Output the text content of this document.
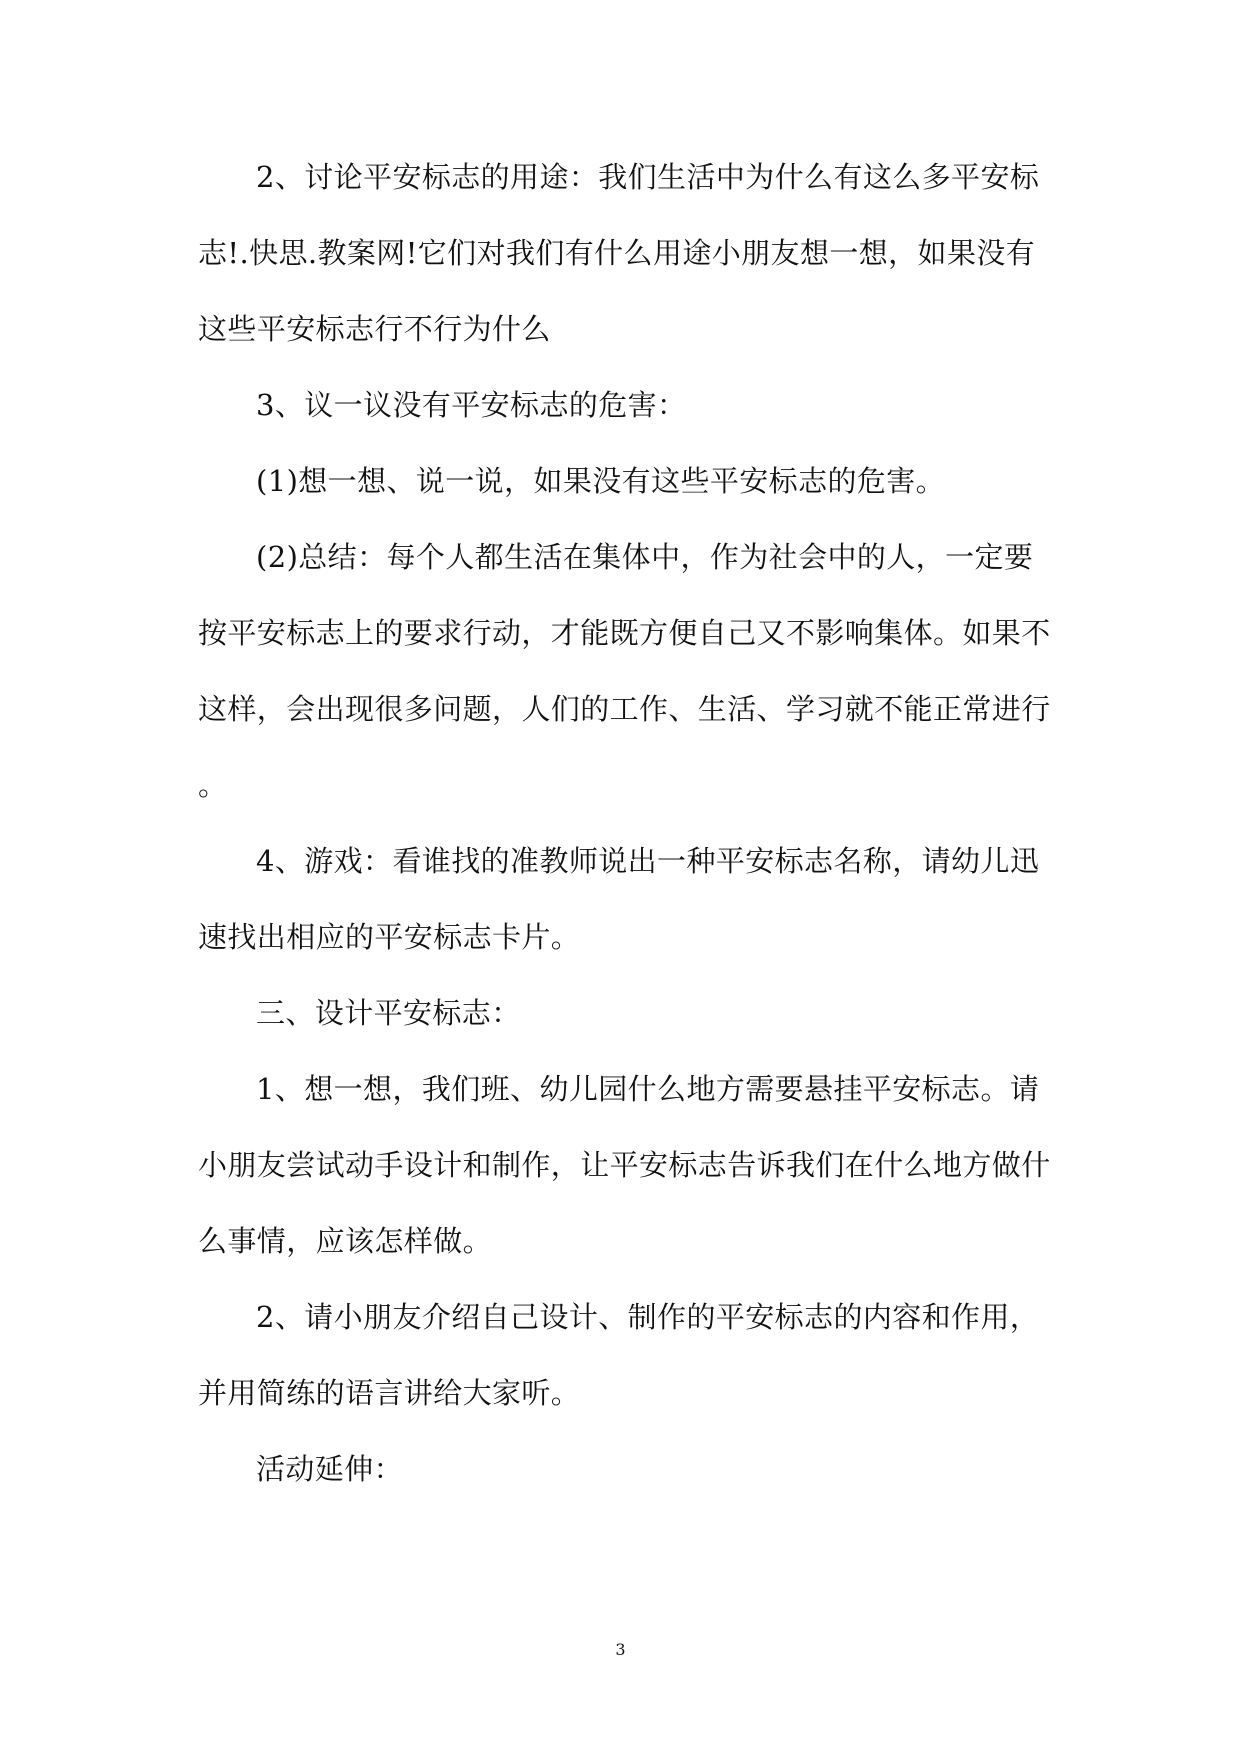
2、讨论平安标志的用途：我们生活中为什么有这么多平安标
志!.快思.教案网!它们对我们有什么用途小朋友想一想，如果没有
这些平安标志行不行为什么
3、议一议没有平安标志的危害：
(1)想一想、说一说，如果没有这些平安标志的危害。
(2)总结：每个人都生活在集体中，作为社会中的人，一定要
按平安标志上的要求行动，才能既方便自己又不影响集体。如果不
这样，会出现很多问题，人们的工作、生活、学习就不能正常进行
。
4、游戏：看谁找的准教师说出一种平安标志名称，请幼儿迅
速找出相应的平安标志卡片。
三、设计平安标志：
1、想一想，我们班、幼儿园什么地方需要悬挂平安标志。请
小朋友尝试动手设计和制作，让平安标志告诉我们在什么地方做什
么事情，应该怎样做。
2、请小朋友介绍自己设计、制作的平安标志的内容和作用，
并用简练的语言讲给大家听。
活动延伸：
3
